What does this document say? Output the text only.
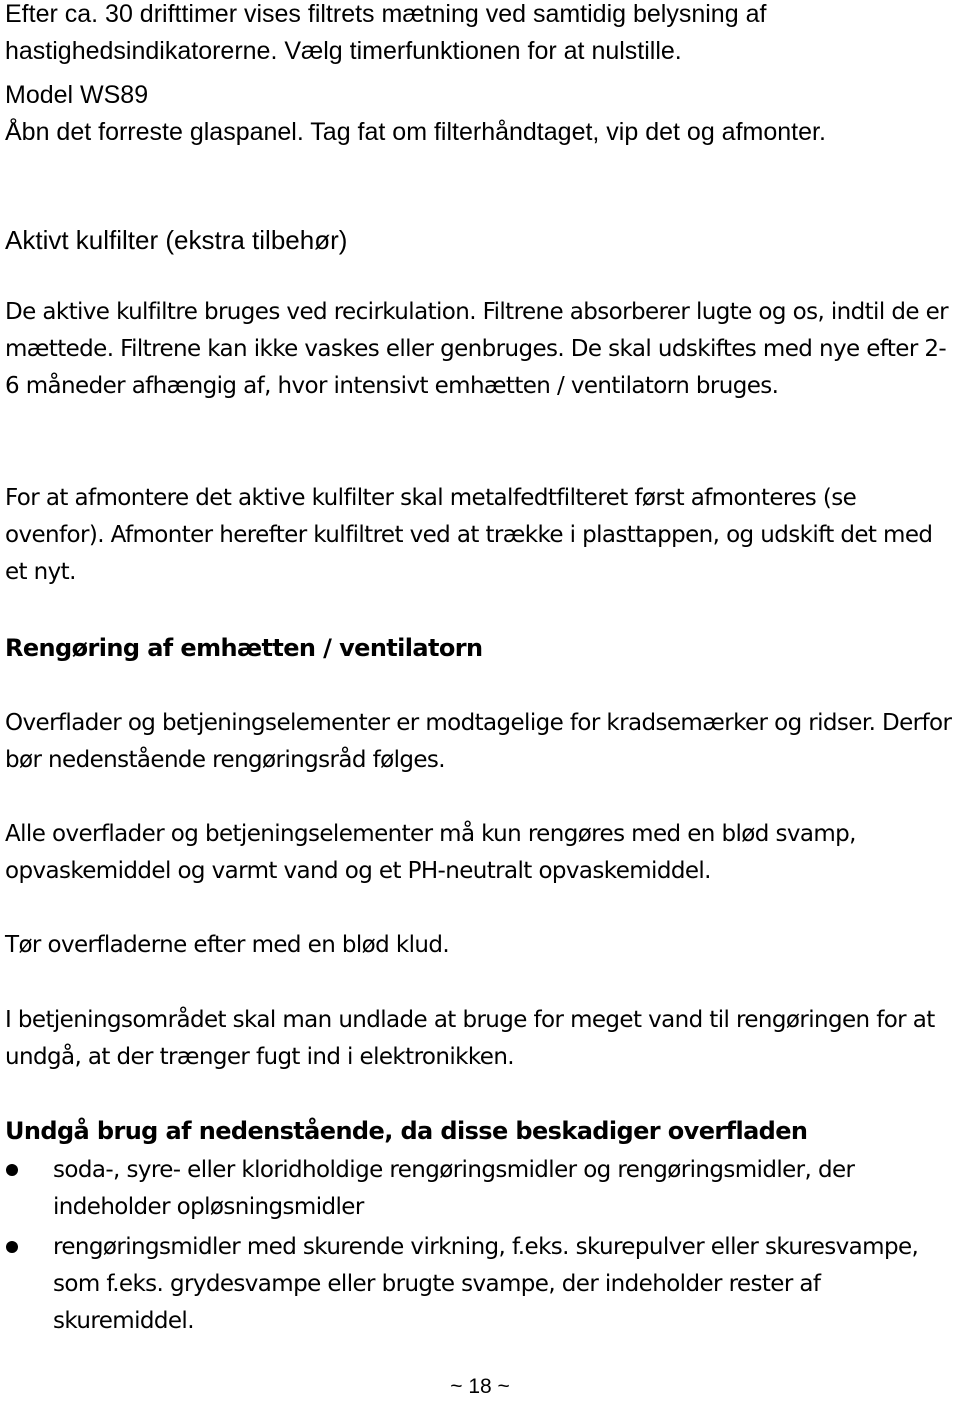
Efter ca. 30 drifttimer vises filtrets mætning ved samtidig belysning af hastighedsindikatorerne. Vælg timerfunktionen for at nulstille.

Model WS89

Åbn det forreste glaspanel. Tag fat om filterhåndtaget, vip det og afmonter.

Aktivt kulfilter (ekstra tilbehør)

De aktive kulfiltre bruges ved recirkulation. Filtrene absorberer lugte og os, indtil de er mættede. Filtrene kan ikke vaskes eller genbruges. De skal udskiftes med nye efter 2-6 måneder afhængig af, hvor intensivt emhætten / ventilatorn bruges.

For at afmontere det aktive kulfilter skal metalfedtfilteret først afmonteres (se ovenfor). Afmonter herefter kulfiltret ved at trække i plasttappen, og udskift det med et nyt.

Rengøring af emhætten / ventilatorn

Overflader og betjeningselementer er modtagelige for kradsemærker og ridser. Derfor bør nedenstående rengøringsråd følges.

Alle overflader og betjeningselementer må kun rengøres med en blød svamp, opvaskemiddel og varmt vand og et PH-neutralt opvaskemiddel.

Tør overfladerne efter med en blød klud.

I betjeningsområdet skal man undlade at bruge for meget vand til rengøringen for at undgå, at der trænger fugt ind i elektronikken.

Undgå brug af nedenstående, da disse beskadiger overfladen

soda-, syre- eller kloridholdige rengøringsmidler og rengøringsmidler, der indeholder opløsningsmidler
rengøringsmidler med skurende virkning, f.eks. skurepulver eller skuresvampe, som f.eks. grydesvampe eller brugte svampe, der indeholder rester af skuremiddel.
~ 18 ~
